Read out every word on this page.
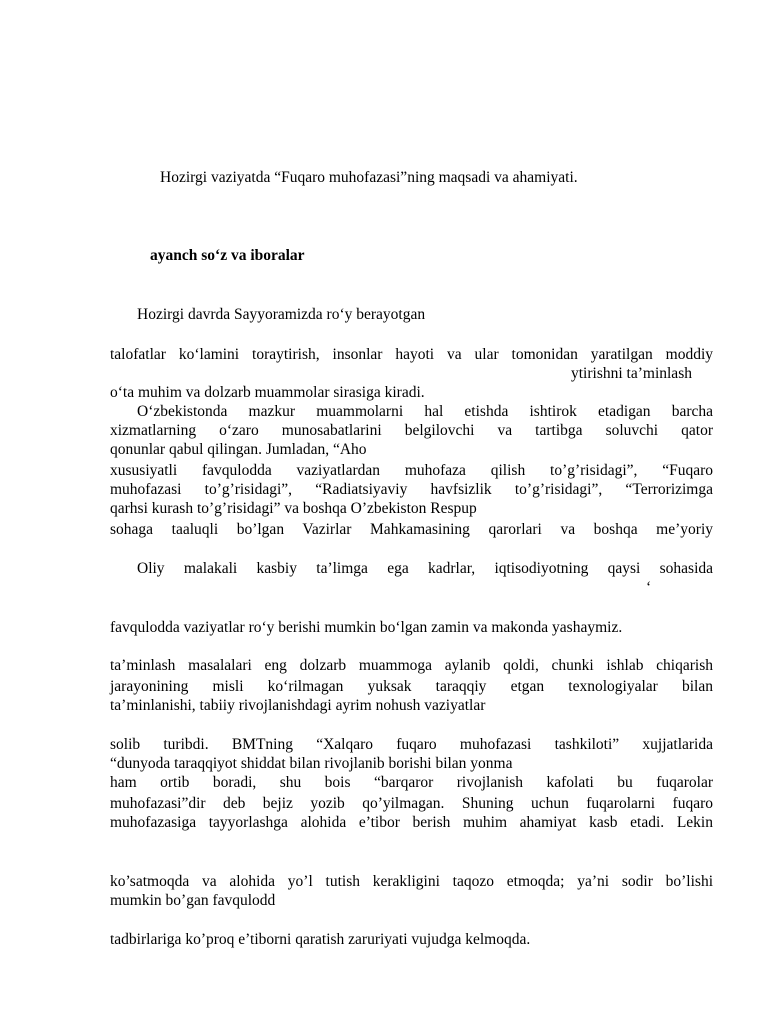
Hozirgi vaziyatda “Fuqaro muhofazasi”ning maqsadi va ahamiyati.
ayanch so‘z va iboralar
Hozirgi davrda Sayyoramizda ro‘y berayotgan
talofatlar ko‘lamini toraytirish, insonlar hayoti va ular tomonidan yaratilgan moddiy
ytirishni ta’minlash
o‘ta muhim va dolzarb muammolar sirasiga kiradi.
O‘zbekistonda mazkur muammolarni hal etishda ishtirok etadigan barcha
xizmatlarning o‘zaro munosabatlarini belgilovchi va tartibga soluvchi qator
qonunlar qabul qilingan. Jumladan, “Aho
xususiyatli favqulodda vaziyatlardan muhofaza qilish to’g’risidagi”, “Fuqaro
muhofazasi to’g’risidagi”, “Radiatsiyaviy havfsizlik to’g’risidagi”, “Terrorizimga
qarhsi kurash to’g’risidagi” va boshqa O’zbekiston Respup
sohaga taaluqli bo’lgan Vazirlar Mahkamasining qarorlari va boshqa me’yoriy
Oliy malakali kasbiy ta’limga ega kadrlar, iqtisodiyotning qaysi sohasida
‘
favqulodda vaziyatlar ro‘y berishi mumkin bo‘lgan zamin va makonda yashaymiz.
ta’minlash masalalari eng dolzarb muammoga aylanib qoldi, chunki ishlab chiqarish
jarayonining misli ko‘rilmagan yuksak taraqqiy etgan texnologiyalar bilan
ta’minlanishi, tabiiy rivojlanishdagi ayrim nohush vaziyatlar
solib turibdi. BMTning “Xalqaro fuqaro muhofazasi tashkiloti” xujjatlarida
“dunyoda taraqqiyot shiddat bilan rivojlanib borishi bilan yonma
ham ortib boradi, shu bois “barqaror rivojlanish kafolati bu fuqarolar
muhofazasi”dir deb bejiz yozib qo’yilmagan. Shuning uchun fuqarolarni fuqaro
muhofazasiga tayyorlashga alohida e’tibor berish muhim ahamiyat kasb etadi. Lekin
ko’satmoqda va alohida yo’l tutish kerakligini taqozo etmoqda; ya’ni sodir bo’lishi
mumkin bo’gan favqulodd
tadbirlariga ko’proq e’tiborni qaratish zaruriyati vujudga kelmoqda.
